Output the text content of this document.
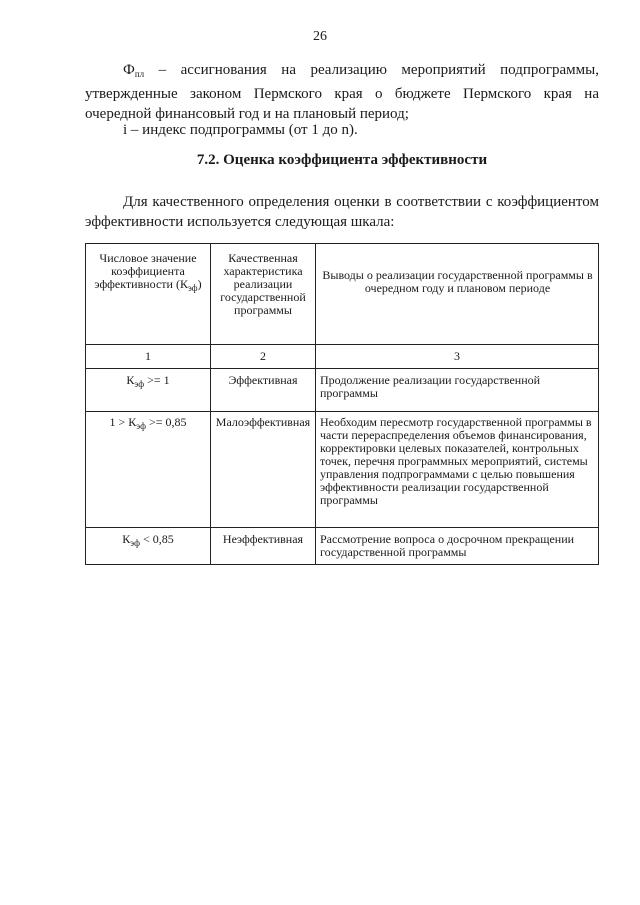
26
$Ф_{пл}$ – ассигнования на реализацию мероприятий подпрограммы, утвержденные законом Пермского края о бюджете Пермского края на очередной финансовый год и на плановый период;
i – индекс подпрограммы (от 1 до n).
7.2. Оценка коэффициента эффективности
Для качественного определения оценки в соответствии с коэффициентом эффективности используется следующая шкала:
Числовое значение коэффициента эффективности $(К_{эф})$	Качественная характеристика реализации государственной программы	Выводы о реализации государственной программы в очередном году и плановом периоде
1	2	3
$К_{эф} >= 1$	Эффективная	Продолжение реализации государственной программы
$1 > К_{эф} >= 0,85$	Малоэффективная	Необходим пересмотр государственной программы в части перераспределения объемов финансирования, корректировки целевых показателей, контрольных точек, перечня программных мероприятий, системы управления подпрограммами с целью повышения эффективности реализации государственной программы
$К_{эф} < 0,85$	Неэффективная	Рассмотрение вопроса о досрочном прекращении государственной программы
